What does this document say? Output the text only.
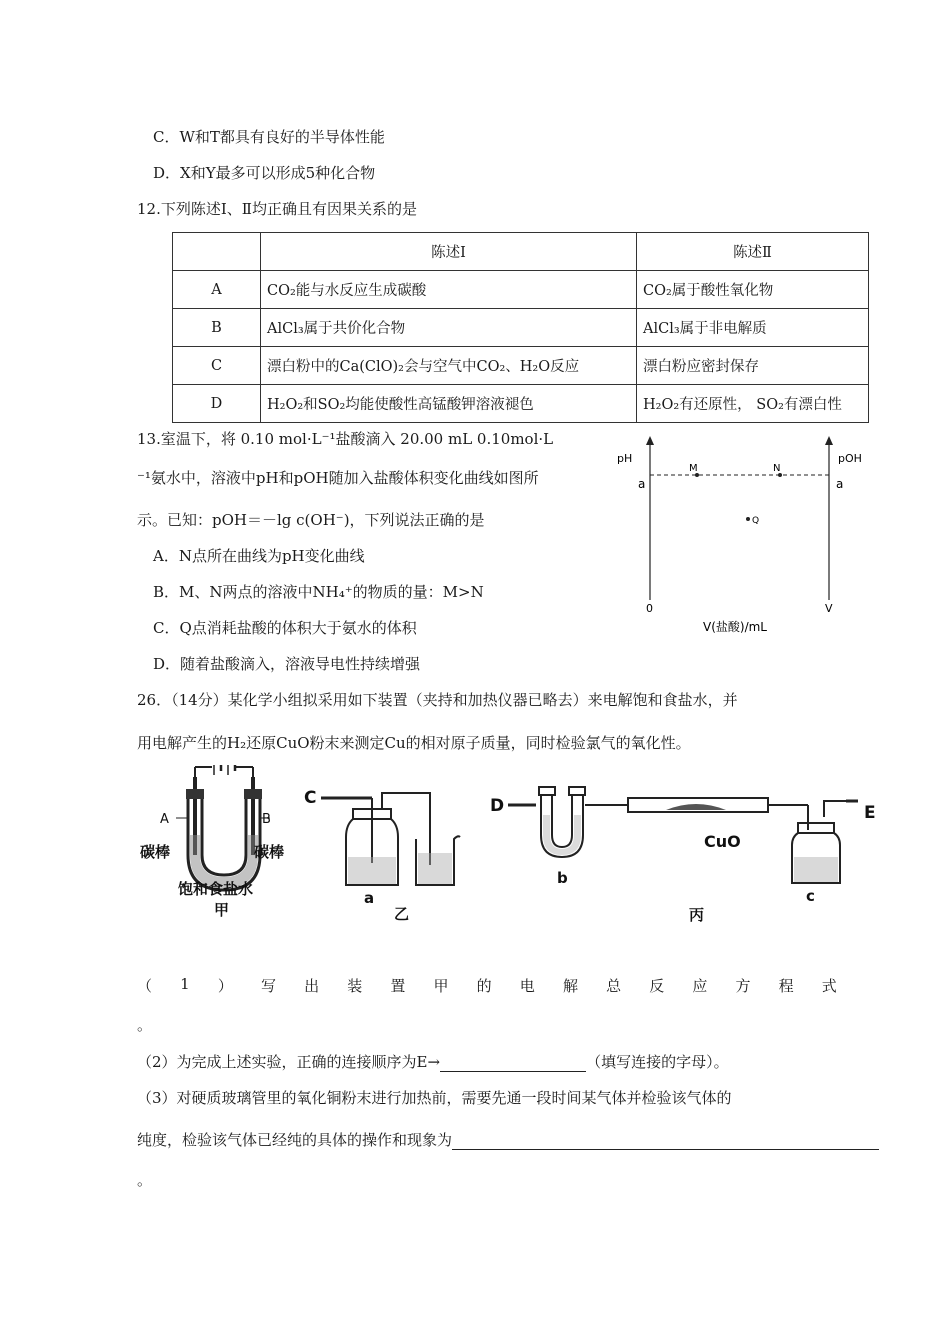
C．W和T都具有良好的半导体性能
D．X和Y最多可以形成5种化合物
12.下列陈述Ⅰ、Ⅱ均正确且有因果关系的是
	陈述Ⅰ	陈述Ⅱ
A	CO₂能与水反应生成碳酸	CO₂属于酸性氧化物
B	AlCl₃属于共价化合物	AlCl₃属于非电解质
C	漂白粉中的Ca(ClO)₂会与空气中CO₂、H₂O反应	漂白粉应密封保存
D	H₂O₂和SO₂均能使酸性高锰酸钾溶液褪色	H₂O₂有还原性， SO₂有漂白性
13.室温下，将 0.10 mol·L⁻¹盐酸滴入 20.00 mL 0.10mol·L
⁻¹氨水中，溶液中pH和pOH随加入盐酸体积变化曲线如图所
示。已知：pOH＝－lg c(OH⁻)，下列说法正确的是
A．N点所在曲线为pH变化曲线
B．M、N两点的溶液中NH₄⁺的物质的量：M>N
C．Q点消耗盐酸的体积大于氨水的体积
D．随着盐酸滴入，溶液导电性持续增强
pH	pOH
a	a
M	N
Q
0	V
V(盐酸)/mL
26．（14分）某化学小组拟采用如下装置（夹持和加热仪器已略去）来电解饱和食盐水，并
用电解产生的H₂还原CuO粉末来测定Cu的相对原子质量，同时检验氯气的氧化性。
A	B
碳棒	碳棒
饱和食盐水
甲
C
a
乙
D
b
CuO
c
E
丙
（ 1 ） 写 出 装 置 甲 的 电 解 总 反 应 方 程 式
。
（2）为完成上述实验，正确的连接顺序为E→	（填写连接的字母）。
（3）对硬质玻璃管里的氧化铜粉末进行加热前，需要先通一段时间某气体并检验该气体的
纯度，检验该气体已经纯的具体的操作和现象为
。
